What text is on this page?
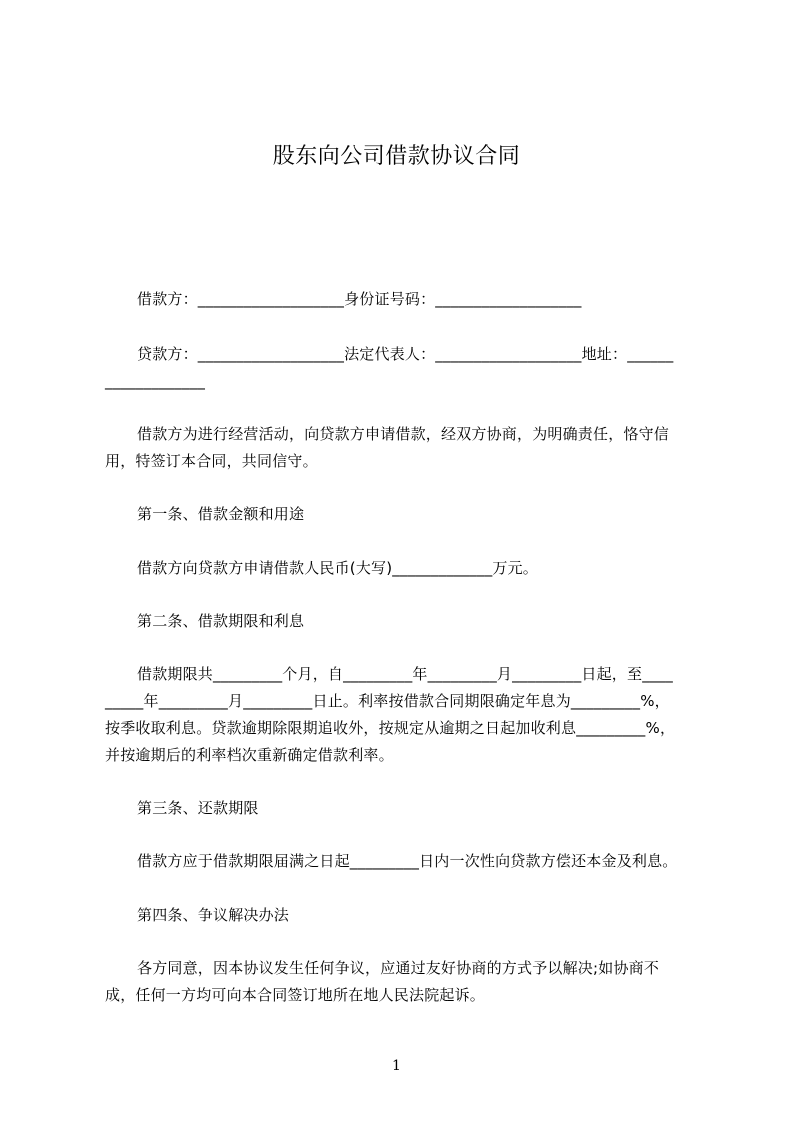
股东向公司借款协议合同
借款方：___________________身份证号码：___________________
贷款方：___________________法定代表人：___________________地址：______
_____________
借款方为进行经营活动，向贷款方申请借款，经双方协商，为明确责任，恪守信
用，特签订本合同，共同信守。
第一条、借款金额和用途
借款方向贷款方申请借款人民币(大写)_____________万元。
第二条、借款期限和利息
借款期限共_________个月，自_________年_________月_________日起，至____
_____年_________月_________日止。利率按借款合同期限确定年息为_________%，
按季收取利息。贷款逾期除限期追收外，按规定从逾期之日起加收利息_________%，
并按逾期后的利率档次重新确定借款利率。
第三条、还款期限
借款方应于借款期限届满之日起_________日内一次性向贷款方偿还本金及利息。
第四条、争议解决办法
各方同意，因本协议发生任何争议，应通过友好协商的方式予以解决;如协商不
成，任何一方均可向本合同签订地所在地人民法院起诉。
1
